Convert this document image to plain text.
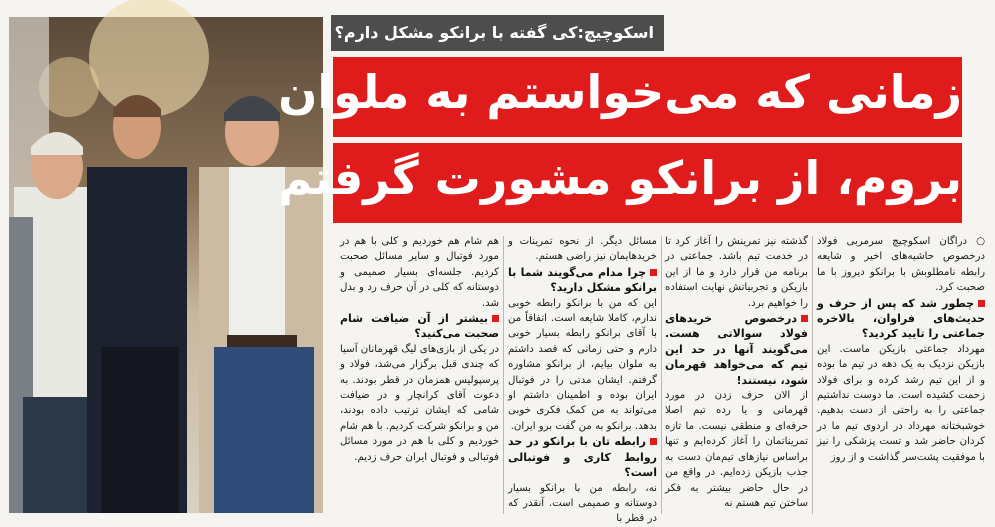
اسکوچیچ:کی گفته با برانکو مشکل دارم؟
زمانی که می‌خواستم به ملوان
بروم، از برانکو مشورت گرفتم

○ دراگان اسکوچیچ سرمربی فولاد درخصوص حاشیه‌های اخیر و شایعه رابطه نامطلوبش با برانکو دیروز با ما صحبت کرد.

چطور شد که پس از حرف و حدیث‌های فراوان، بالاخره جماعتی را تایید کردید؟

مهرداد جماعتی بازیکن ماست. این بازیکن نزدیک به یک دهه در تیم ما بوده و از این تیم رشد کرده و برای فولاد زحمت کشیده است. ما دوست نداشتیم جماعتی را به راحتی از دست بدهیم. خوشبختانه مهرداد در اردوی تیم ما در کردان حاضر شد و تست پزشکی را نیز با موفقیت پشت‌سر گذاشت و از روز

گذشته نیز تمرینش را آغاز کرد تا در خدمت تیم باشد. جماعتی در برنامه من قرار دارد و ما از این بازیکن و تجربیاتش نهایت استفاده را خواهیم برد.

درخصوص خریدهای فولاد سوالاتی هست. می‌گویند آنها در حد این تیم که می‌خواهد قهرمان شود، نیستند!

از الان حرف زدن در مورد قهرمانی و یا رده تیم اصلا حرفه‌ای و منطقی نیست. ما تازه تمریناتمان را آغاز کرده‌ایم و تنها براساس نیازهای تیم‌مان دست به جذب بازیکن زده‌ایم. در واقع من در حال حاضر بیشتر به فکر ساختن تیم هستم نه

مسائل دیگر. از نحوه تمرینات و خریدهایمان نیز راضی هستم.

چرا مدام می‌گویند شما با برانکو مشکل دارید؟

این که من با برانکو رابطه خوبی ندارم، کاملا شایعه است. اتفاقاً من با آقای برانکو رابطه بسیار خوبی دارم و حتی زمانی که قصد داشتم به ملوان بیایم، از برانکو مشاوره گرفتم. ایشان مدتی را در فوتبال ایران بوده و اطمینان داشتم او می‌تواند به من کمک فکری خوبی بدهد. برانکو به من گفت برو ایران.

رابطه تان با برانکو در حد روابط کاری و فوتبالی است؟

نه، رابطه من با برانکو بسیار دوستانه و صمیمی است. آنقدر که در قطر با

هم شام هم خوردیم و کلی با هم در مورد فوتبال و سایر مسائل صحبت کردیم. جلسه‌ای بسیار صمیمی و دوستانه که کلی در آن حرف رد و بدل شد.

بیشتر از آن ضیافت شام صحبت می‌کنید؟

در یکی از بازی‌های لیگ قهرمانان آسیا که چندی قبل برگزار می‌شد، فولاد و پرسپولیس همزمان در قطر بودند. به دعوت آقای کرانچار و در ضیافت شامی که ایشان ترتیب داده بودند، من و برانکو شرکت کردیم. با هم شام خوردیم و کلی با هم در مورد مسائل فوتبالی و فوتبال ایران حرف زدیم.
